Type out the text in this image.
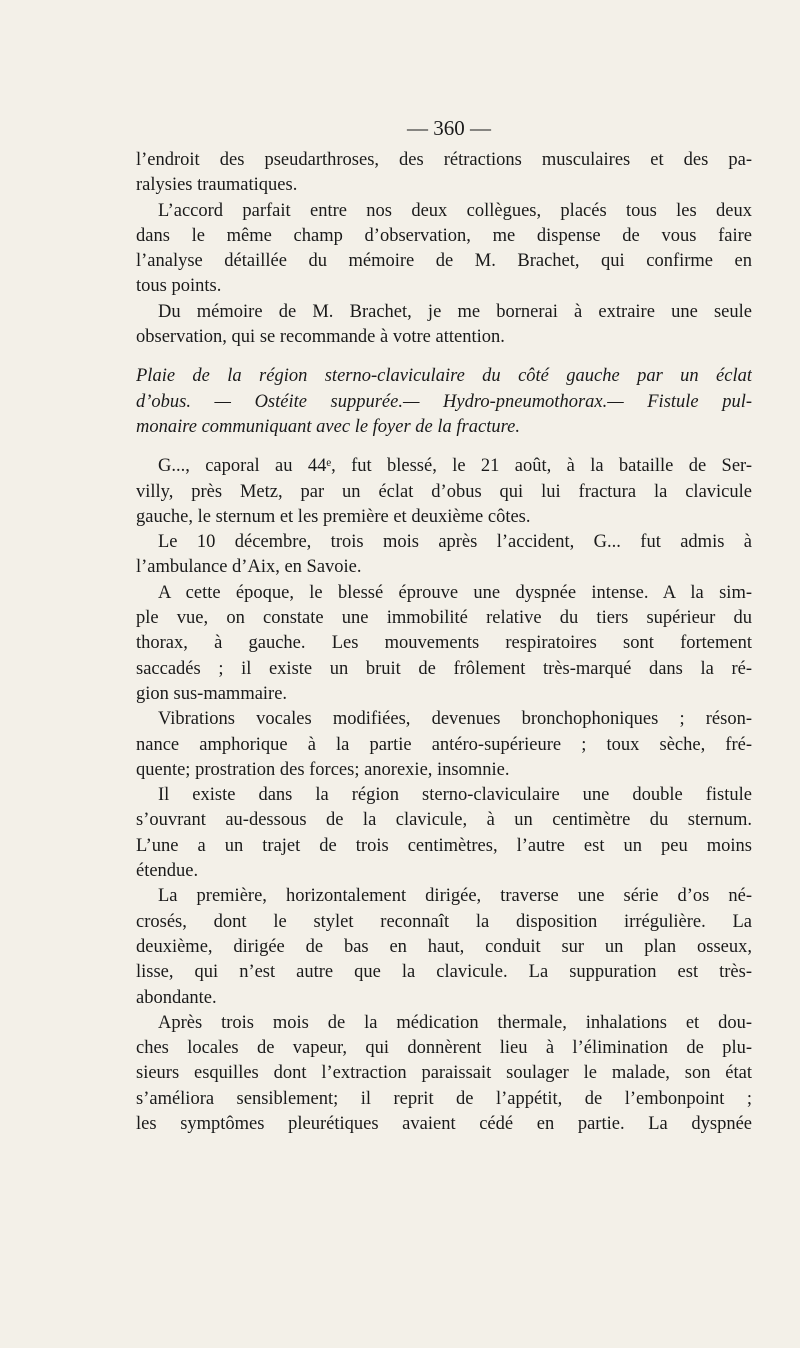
— 360 —
l’endroit des pseudarthroses, des rétractions musculaires et des pa-
ralysies traumatiques.
L’accord parfait entre nos deux collègues, placés tous les deux
dans le même champ d’observation, me dispense de vous faire
l’analyse détaillée du mémoire de M. Brachet, qui confirme en
tous points.
Du mémoire de M. Brachet, je me bornerai à extraire une seule
observation, qui se recommande à votre attention.
Plaie de la région sterno-claviculaire du côté gauche par un éclat
d’obus. — Ostéite suppurée.— Hydro-pneumothorax.— Fistule pul-
monaire communiquant avec le foyer de la fracture.
G..., caporal au 44ᵉ, fut blessé, le 21 août, à la bataille de Ser-
villy, près Metz, par un éclat d’obus qui lui fractura la clavicule
gauche, le sternum et les première et deuxième côtes.
Le 10 décembre, trois mois après l’accident, G... fut admis à
l’ambulance d’Aix, en Savoie.
A cette époque, le blessé éprouve une dyspnée intense. A la sim-
ple vue, on constate une immobilité relative du tiers supérieur du
thorax, à gauche. Les mouvements respiratoires sont fortement
saccadés ; il existe un bruit de frôlement très-marqué dans la ré-
gion sus-mammaire.
Vibrations vocales modifiées, devenues bronchophoniques ; réson-
nance amphorique à la partie antéro-supérieure ; toux sèche, fré-
quente; prostration des forces; anorexie, insomnie.
Il existe dans la région sterno-claviculaire une double fistule
s’ouvrant au-dessous de la clavicule, à un centimètre du sternum.
L’une a un trajet de trois centimètres, l’autre est un peu moins
étendue.
La première, horizontalement dirigée, traverse une série d’os né-
crosés, dont le stylet reconnaît la disposition irrégulière. La
deuxième, dirigée de bas en haut, conduit sur un plan osseux,
lisse, qui n’est autre que la clavicule. La suppuration est très-
abondante.
Après trois mois de la médication thermale, inhalations et dou-
ches locales de vapeur, qui donnèrent lieu à l’élimination de plu-
sieurs esquilles dont l’extraction paraissait soulager le malade, son état
s’améliora sensiblement; il reprit de l’appétit, de l’embonpoint ;
les symptômes pleurétiques avaient cédé en partie. La dyspnée
